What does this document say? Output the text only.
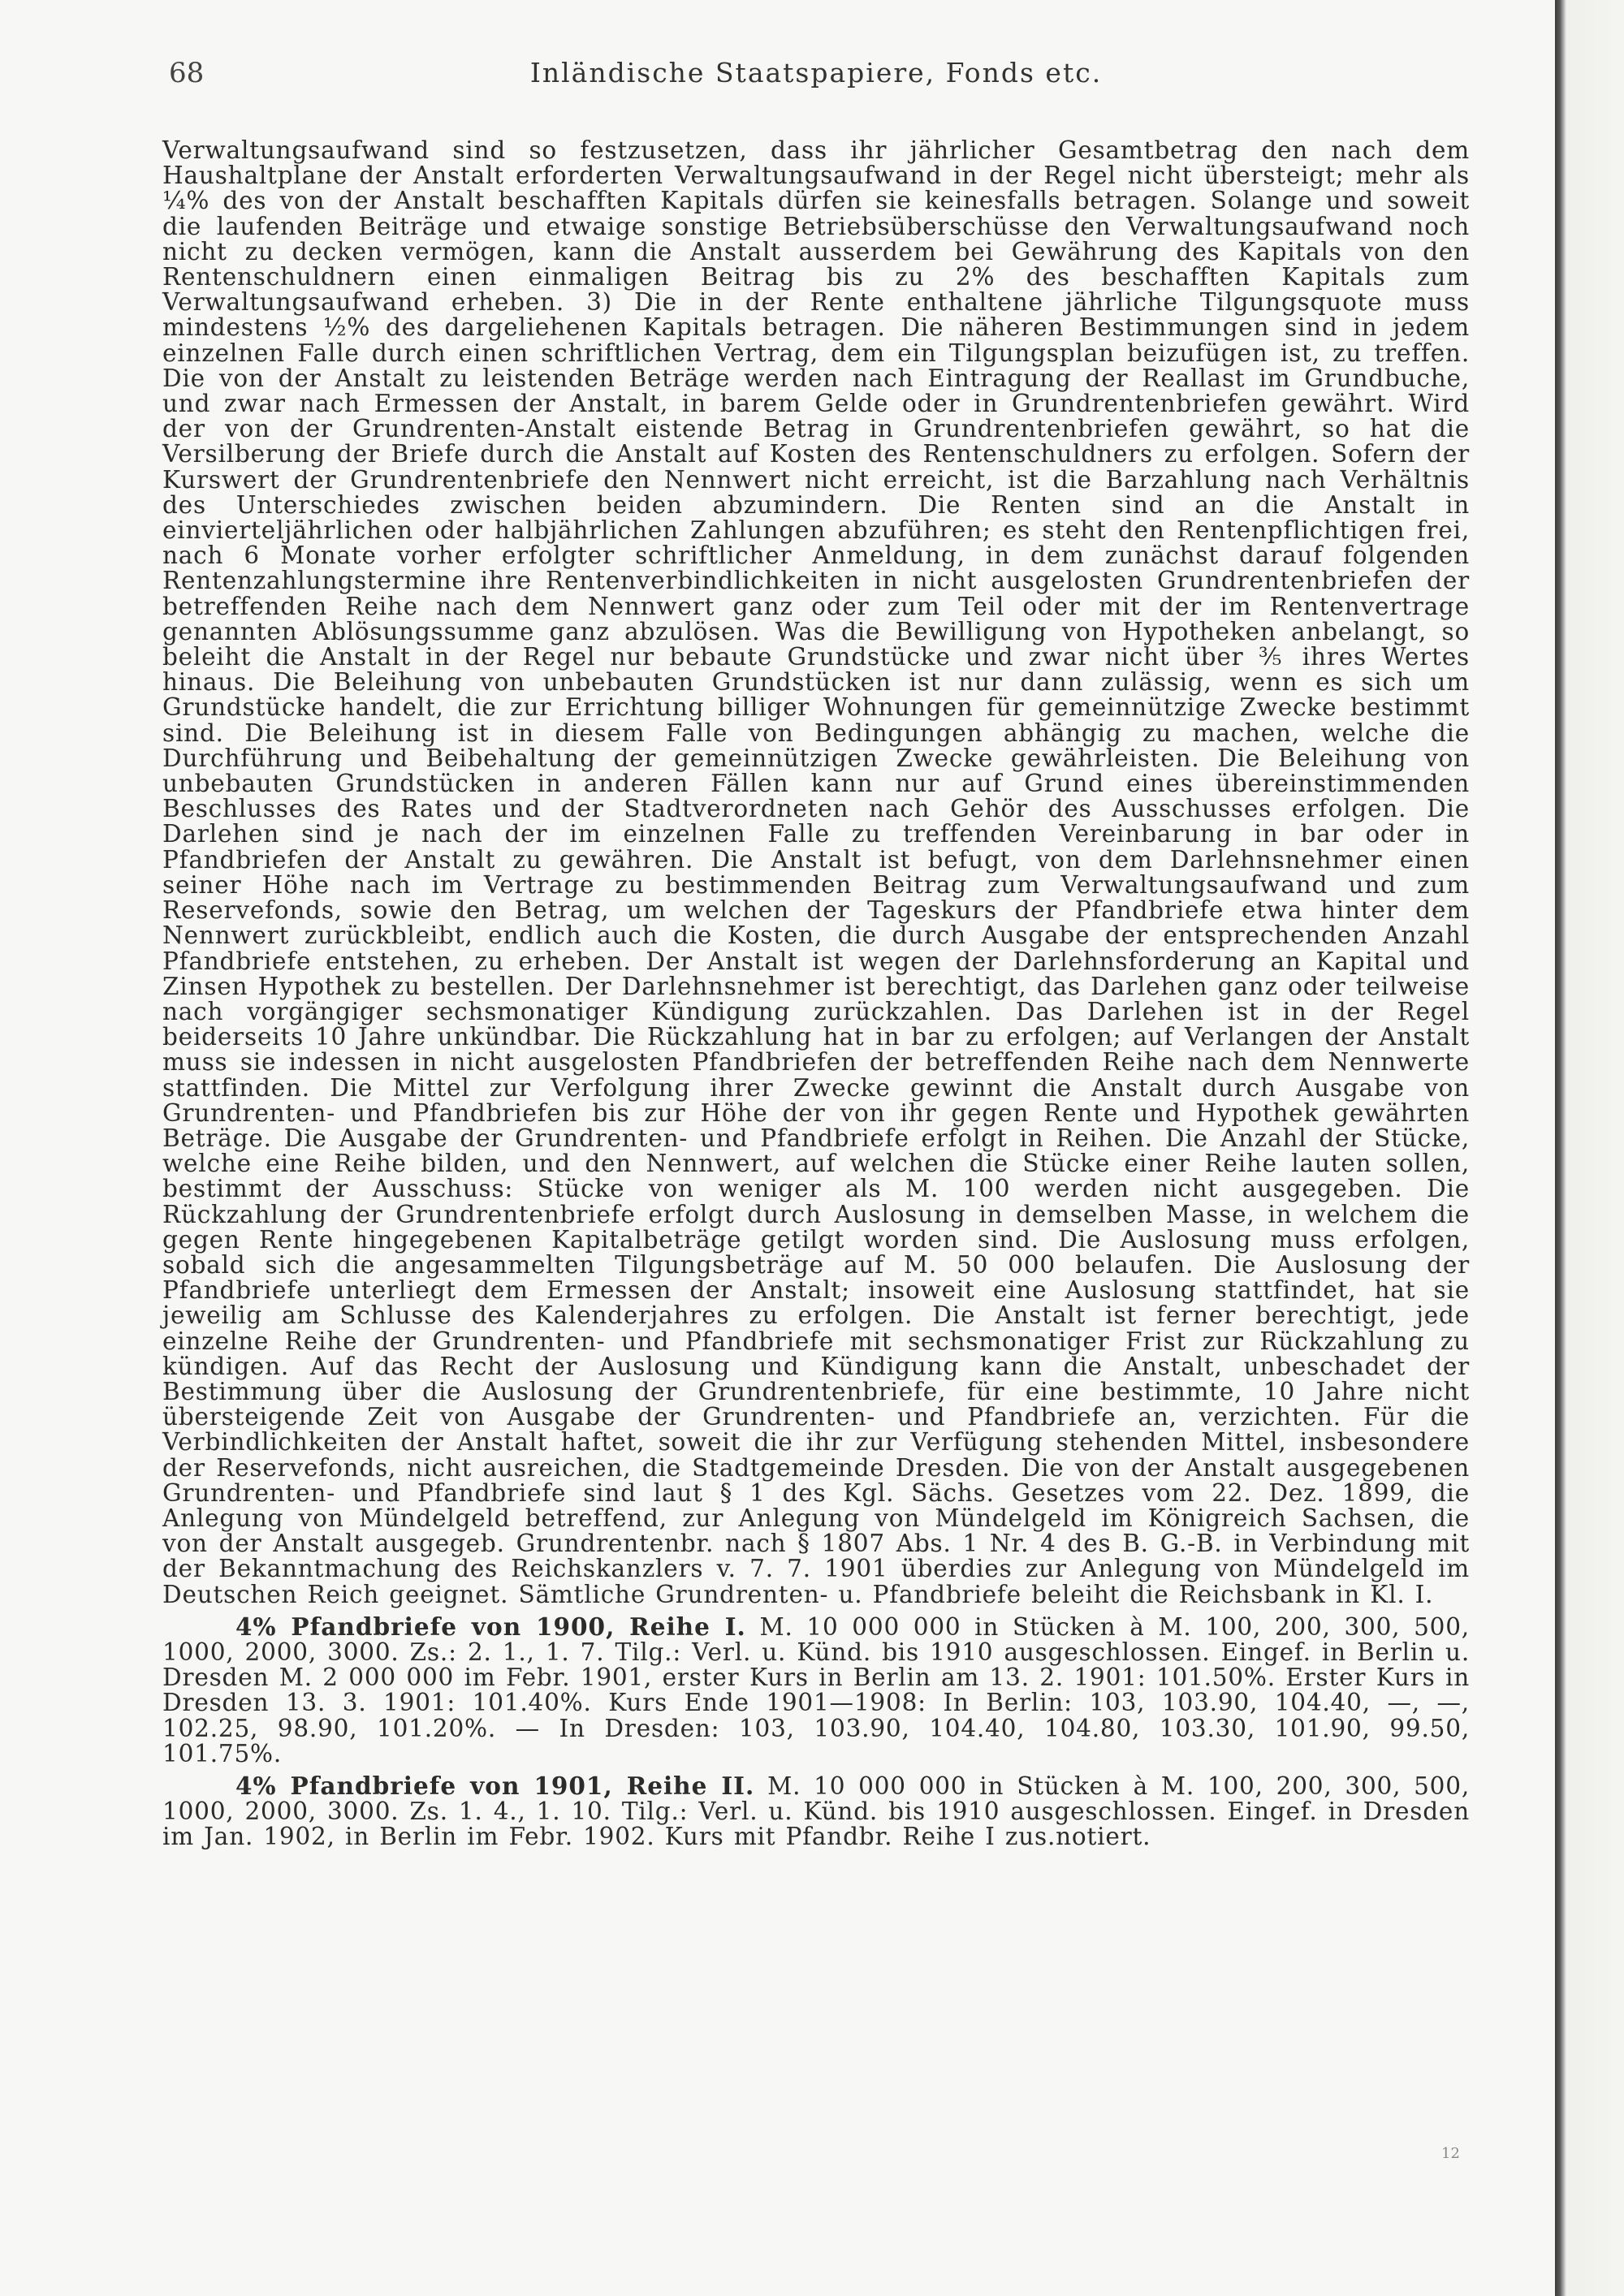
68	Inländische Staatspapiere, Fonds etc.

Verwaltungsaufwand sind so festzusetzen, dass ihr jährlicher Gesamtbetrag den nach dem Haushaltplane der Anstalt erforderten Verwaltungsaufwand in der Regel nicht übersteigt; mehr als ¼% des von der Anstalt beschafften Kapitals dürfen sie keinesfalls betragen. Solange und soweit die laufenden Beiträge und etwaige sonstige Betriebsüberschüsse den Verwaltungsaufwand noch nicht zu decken vermögen, kann die Anstalt ausserdem bei Gewährung des Kapitals von den Rentenschuldnern einen einmaligen Beitrag bis zu 2% des beschafften Kapitals zum Verwaltungsaufwand erheben. 3) Die in der Rente enthaltene jährliche Tilgungsquote muss mindestens ½% des dargeliehenen Kapitals betragen. Die näheren Bestimmungen sind in jedem einzelnen Falle durch einen schriftlichen Vertrag, dem ein Tilgungsplan beizufügen ist, zu treffen. Die von der Anstalt zu leistenden Beträge werden nach Eintragung der Reallast im Grundbuche, und zwar nach Ermessen der Anstalt, in barem Gelde oder in Grundrentenbriefen gewährt. Wird der von der Grundrenten-Anstalt eistende Betrag in Grundrentenbriefen gewährt, so hat die Versilberung der Briefe durch die Anstalt auf Kosten des Rentenschuldners zu erfolgen. Sofern der Kurswert der Grundrentenbriefe den Nennwert nicht erreicht, ist die Barzahlung nach Verhältnis des Unterschiedes zwischen beiden abzumindern. Die Renten sind an die Anstalt in einvierteljährlichen oder halbjährlichen Zahlungen abzuführen; es steht den Rentenpflichtigen frei, nach 6 Monate vorher erfolgter schriftlicher Anmeldung, in dem zunächst darauf folgenden Rentenzahlungstermine ihre Rentenverbindlichkeiten in nicht ausgelosten Grundrentenbriefen der betreffenden Reihe nach dem Nennwert ganz oder zum Teil oder mit der im Rentenvertrage genannten Ablösungssumme ganz abzulösen. Was die Bewilligung von Hypotheken anbelangt, so beleiht die Anstalt in der Regel nur bebaute Grundstücke und zwar nicht über ⅗ ihres Wertes hinaus. Die Beleihung von unbebauten Grundstücken ist nur dann zulässig, wenn es sich um Grundstücke handelt, die zur Errichtung billiger Wohnungen für gemeinnützige Zwecke bestimmt sind. Die Beleihung ist in diesem Falle von Bedingungen abhängig zu machen, welche die Durchführung und Beibehaltung der gemeinnützigen Zwecke gewährleisten. Die Beleihung von unbebauten Grundstücken in anderen Fällen kann nur auf Grund eines übereinstimmenden Beschlusses des Rates und der Stadtverordneten nach Gehör des Ausschusses erfolgen. Die Darlehen sind je nach der im einzelnen Falle zu treffenden Vereinbarung in bar oder in Pfandbriefen der Anstalt zu gewähren. Die Anstalt ist befugt, von dem Darlehnsnehmer einen seiner Höhe nach im Vertrage zu bestimmenden Beitrag zum Verwaltungsaufwand und zum Reservefonds, sowie den Betrag, um welchen der Tageskurs der Pfandbriefe etwa hinter dem Nennwert zurückbleibt, endlich auch die Kosten, die durch Ausgabe der entsprechenden Anzahl Pfandbriefe entstehen, zu erheben. Der Anstalt ist wegen der Darlehnsforderung an Kapital und Zinsen Hypothek zu bestellen. Der Darlehnsnehmer ist berechtigt, das Darlehen ganz oder teilweise nach vorgängiger sechsmonatiger Kündigung zurückzahlen. Das Darlehen ist in der Regel beiderseits 10 Jahre unkündbar. Die Rückzahlung hat in bar zu erfolgen; auf Verlangen der Anstalt muss sie indessen in nicht ausgelosten Pfandbriefen der betreffenden Reihe nach dem Nennwerte stattfinden. Die Mittel zur Verfolgung ihrer Zwecke gewinnt die Anstalt durch Ausgabe von Grundrenten- und Pfandbriefen bis zur Höhe der von ihr gegen Rente und Hypothek gewährten Beträge. Die Ausgabe der Grundrenten- und Pfandbriefe erfolgt in Reihen. Die Anzahl der Stücke, welche eine Reihe bilden, und den Nennwert, auf welchen die Stücke einer Reihe lauten sollen, bestimmt der Ausschuss: Stücke von weniger als M. 100 werden nicht ausgegeben. Die Rückzahlung der Grundrentenbriefe erfolgt durch Auslosung in demselben Masse, in welchem die gegen Rente hingegebenen Kapitalbeträge getilgt worden sind. Die Auslosung muss erfolgen, sobald sich die angesammelten Tilgungsbeträge auf M. 50 000 belaufen. Die Auslosung der Pfandbriefe unterliegt dem Ermessen der Anstalt; insoweit eine Auslosung stattfindet, hat sie jeweilig am Schlusse des Kalenderjahres zu erfolgen. Die Anstalt ist ferner berechtigt, jede einzelne Reihe der Grundrenten- und Pfandbriefe mit sechsmonatiger Frist zur Rückzahlung zu kündigen. Auf das Recht der Auslosung und Kündigung kann die Anstalt, unbeschadet der Bestimmung über die Auslosung der Grundrentenbriefe, für eine bestimmte, 10 Jahre nicht übersteigende Zeit von Ausgabe der Grundrenten- und Pfandbriefe an, verzichten. Für die Verbindlichkeiten der Anstalt haftet, soweit die ihr zur Verfügung stehenden Mittel, insbesondere der Reservefonds, nicht ausreichen, die Stadtgemeinde Dresden. Die von der Anstalt ausgegebenen Grundrenten- und Pfandbriefe sind laut § 1 des Kgl. Sächs. Gesetzes vom 22. Dez. 1899, die Anlegung von Mündelgeld betreffend, zur Anlegung von Mündelgeld im Königreich Sachsen, die von der Anstalt ausgegeb. Grundrentenbr. nach § 1807 Abs. 1 Nr. 4 des B. G.-B. in Verbindung mit der Bekanntmachung des Reichskanzlers v. 7. 7. 1901 überdies zur Anlegung von Mündelgeld im Deutschen Reich geeignet. Sämtliche Grundrenten- u. Pfandbriefe beleiht die Reichsbank in Kl. I.

4% Pfandbriefe von 1900, Reihe I. M. 10 000 000 in Stücken à M. 100, 200, 300, 500, 1000, 2000, 3000. Zs.: 2. 1., 1. 7. Tilg.: Verl. u. Künd. bis 1910 ausgeschlossen. Eingef. in Berlin u. Dresden M. 2 000 000 im Febr. 1901, erster Kurs in Berlin am 13. 2. 1901: 101.50%. Erster Kurs in Dresden 13. 3. 1901: 101.40%. Kurs Ende 1901—1908: In Berlin: 103, 103.90, 104.40, —, —, 102.25, 98.90, 101.20%. — In Dresden: 103, 103.90, 104.40, 104.80, 103.30, 101.90, 99.50, 101.75%.

4% Pfandbriefe von 1901, Reihe II. M. 10 000 000 in Stücken à M. 100, 200, 300, 500, 1000, 2000, 3000. Zs. 1. 4., 1. 10. Tilg.: Verl. u. Künd. bis 1910 ausgeschlossen. Eingef. in Dresden im Jan. 1902, in Berlin im Febr. 1902. Kurs mit Pfandbr. Reihe I zus.notiert.

12
